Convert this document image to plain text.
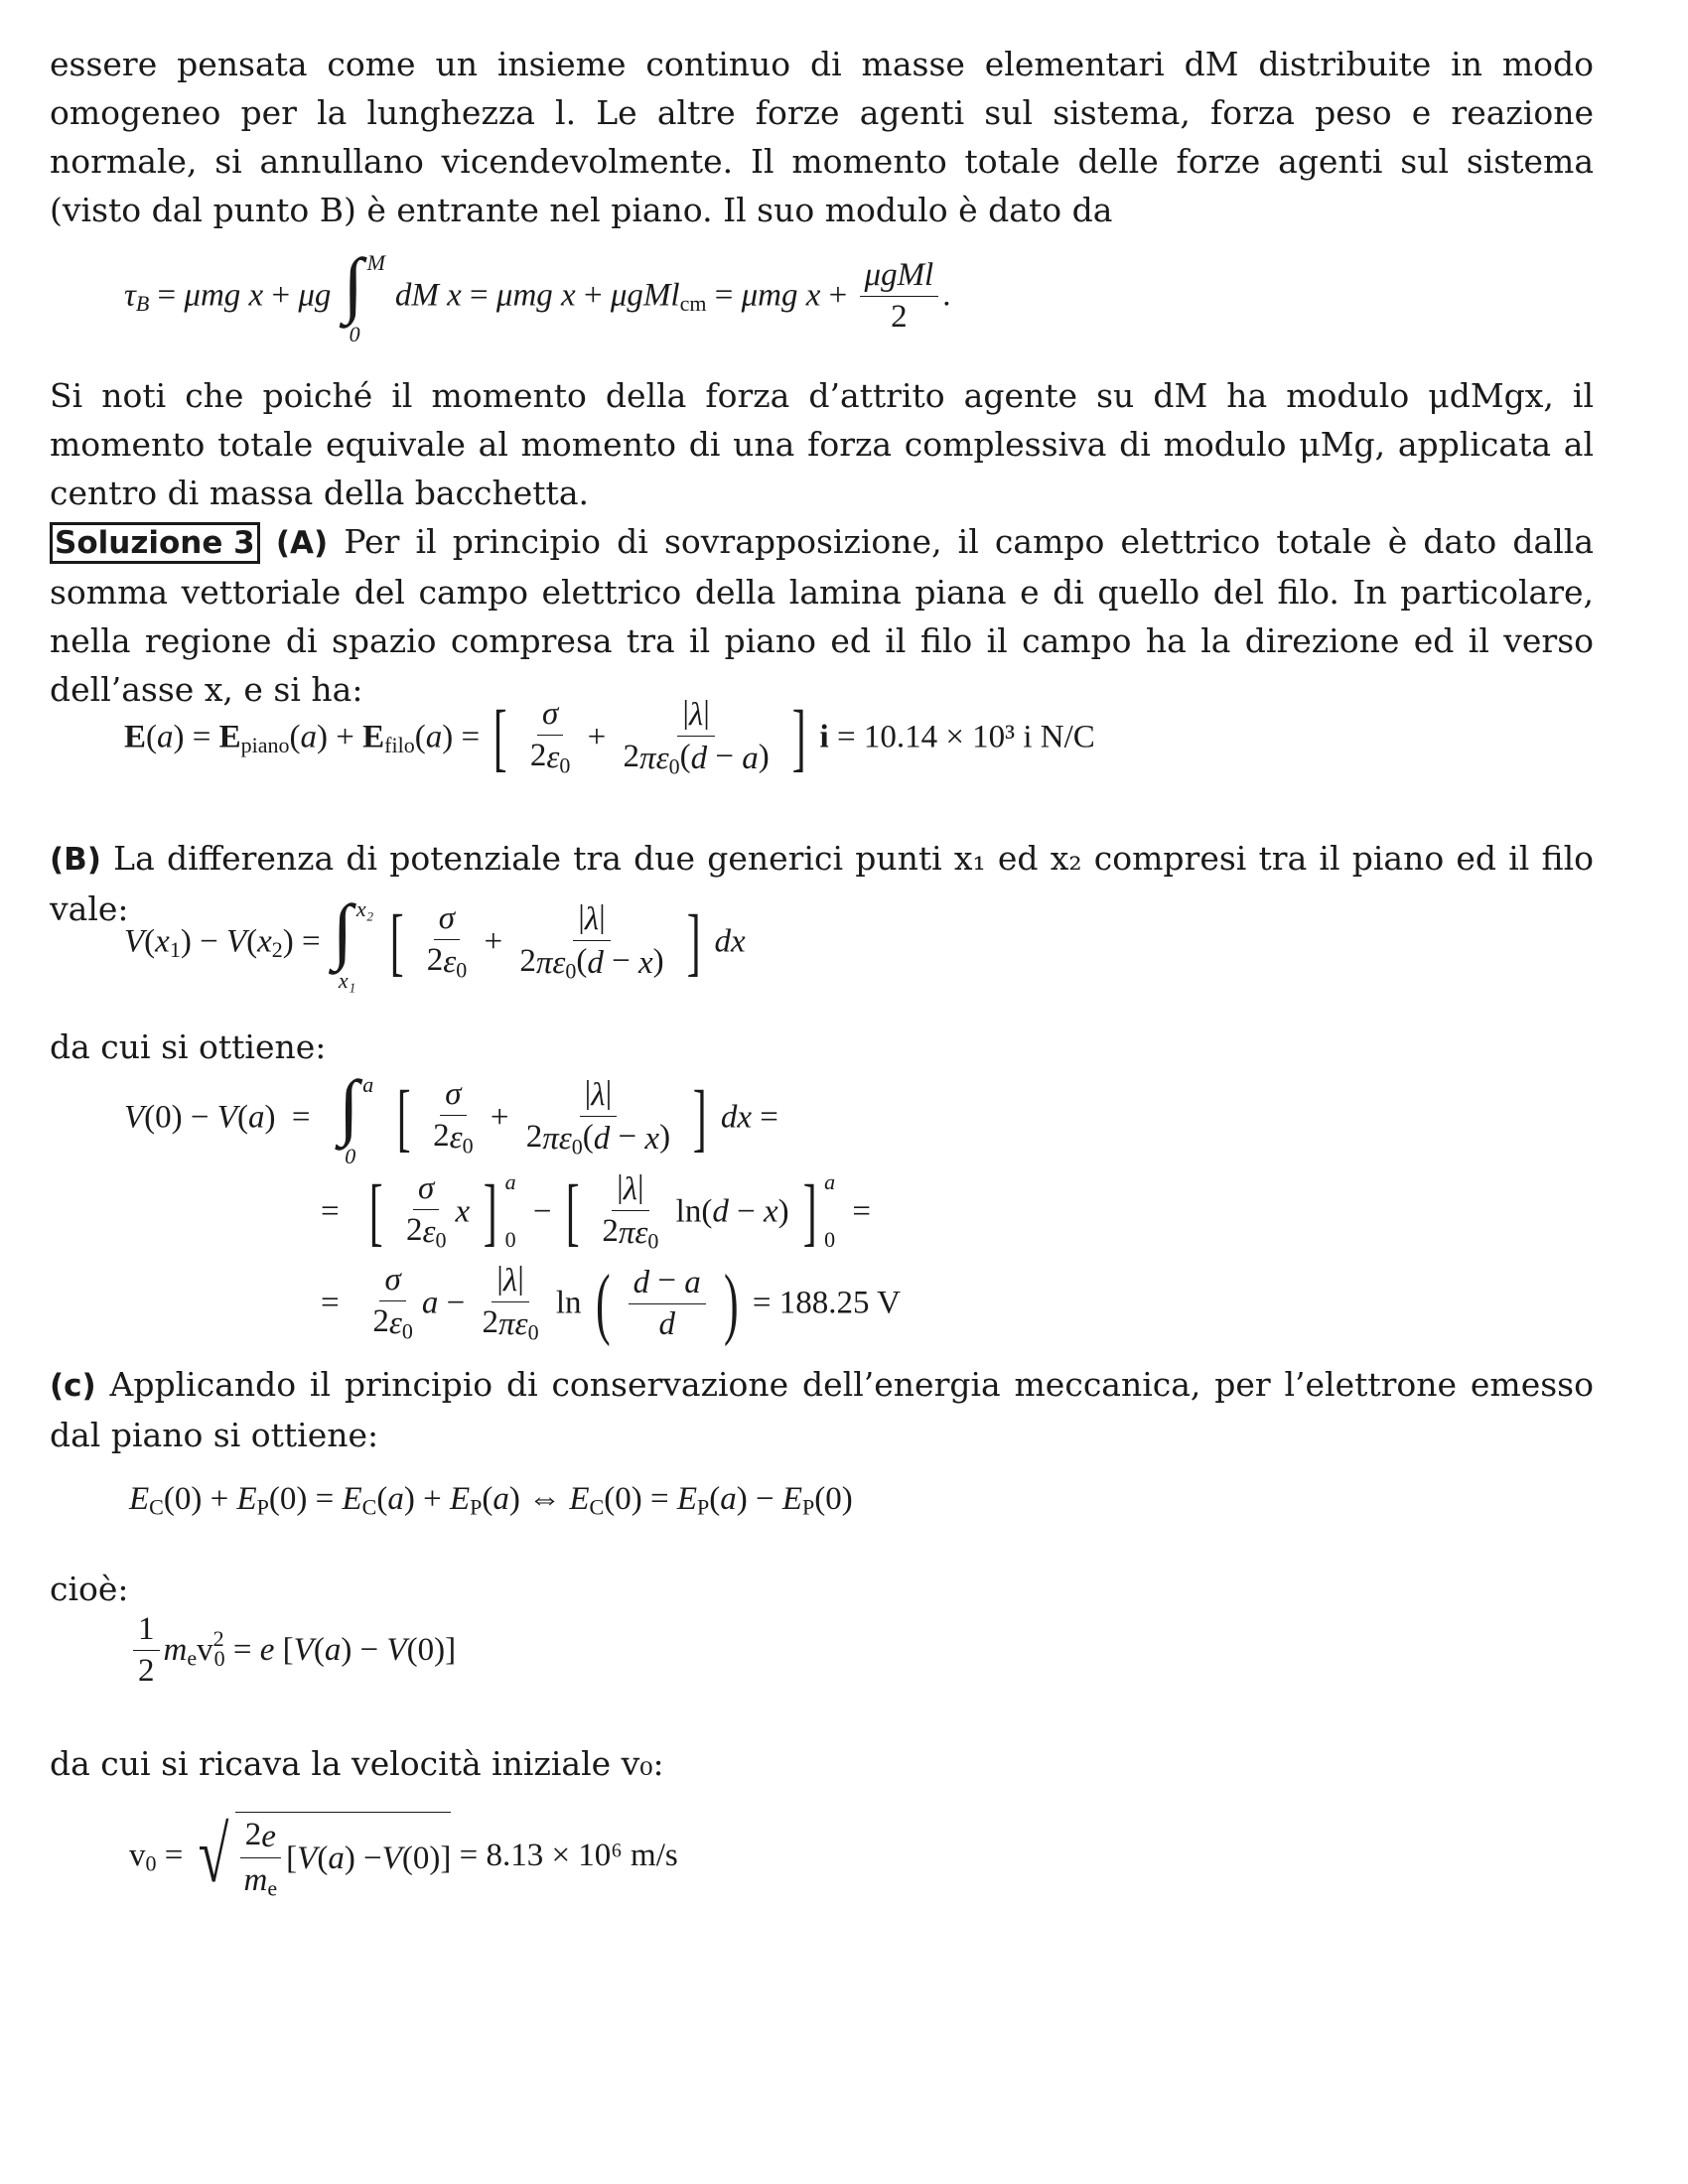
essere pensata come un insieme continuo di masse elementari dM distribuite in modo omogeneo per la lunghezza l. Le altre forze agenti sul sistema, forza peso e reazione normale, si annullano vicendevolmente. Il momento totale delle forze agenti sul sistema (visto dal punto B) è entrante nel piano. Il suo modulo è dato da

$\tau_B = \mu mg$ x + μg ∫ M
0
dM x = μmg x + μgMl$_{cm}$ = μmg $x + \frac{\text{μgMl}}{2}$ .

Si noti che poiché il momento della forza d’attrito agente su dM ha modulo μdMgx, il momento totale equivale al momento di una forza complessiva di modulo μMg, applicata al centro di massa della bacchetta.

Soluzione 3 (A) Per il principio di sovrapposizione, il campo elettrico totale è dato dalla somma vettoriale del campo elettrico della lamina piana e di quello del filo. In particolare, nella regione di spazio compresa tra il piano ed il filo il campo ha la direzione ed il verso dell’asse x, e si ha:

$E(a) = E_{piano}(a) + E_{filo}(a)$ = [ $\frac{\sigma}{2\varepsilon_0} + \frac{|\lambda|}{2\pi\varepsilon_0(d - a)}$ ] i = 10.14 × 10³ i N/C

(B) La differenza di potenziale tra due generici punti x₁ ed x₂ compresi tra il piano ed il filo vale:

$V(x_1) - V(x_2)$ = ∫ x₂
x₁ [ $\frac{\sigma}{2\varepsilon_0} + \frac{|\lambda|}{2\pi\varepsilon_0(d - x)}$ ] dx

da cui si ottiene:

V(0) − V(a)  = ∫ a
0 [ $\frac{\sigma}{2\varepsilon_0} + \frac{|\lambda|}{2\pi\varepsilon_0(d - x)}$ ] dx =
=   [ $\frac{\sigma}{2\varepsilon_0}$ x ] a
0
− [ $\frac{|\lambda|}{2\pi\varepsilon_0} \ln(d - x)$ ] a
0
=
= $\frac{\sigma}{2\varepsilon_0}$ $a - \frac{|\lambda|}{2\pi\varepsilon_0}$ ln ( $\frac{d - a}{d}$ ) = 188.25 V

(c) Applicando il principio di conservazione dell’energia meccanica, per l’elettrone emesso dal piano si ottiene:

$E_C(0) + E_P(0) = E_C(a) + E_P(a)$ ⇔ $E_C(0) = E_P(a) - E_P(0)$

cioè:

$\frac{1}{2} m_ev^2_0 = e$ [V(a) − V(0)]

da cui si ricava la velocità iniziale v₀:

$v_0$ = √ $\frac{2e}{m_e}$ [ V ( a ) − V (0)] = 8.13 × 10⁶ m/s
